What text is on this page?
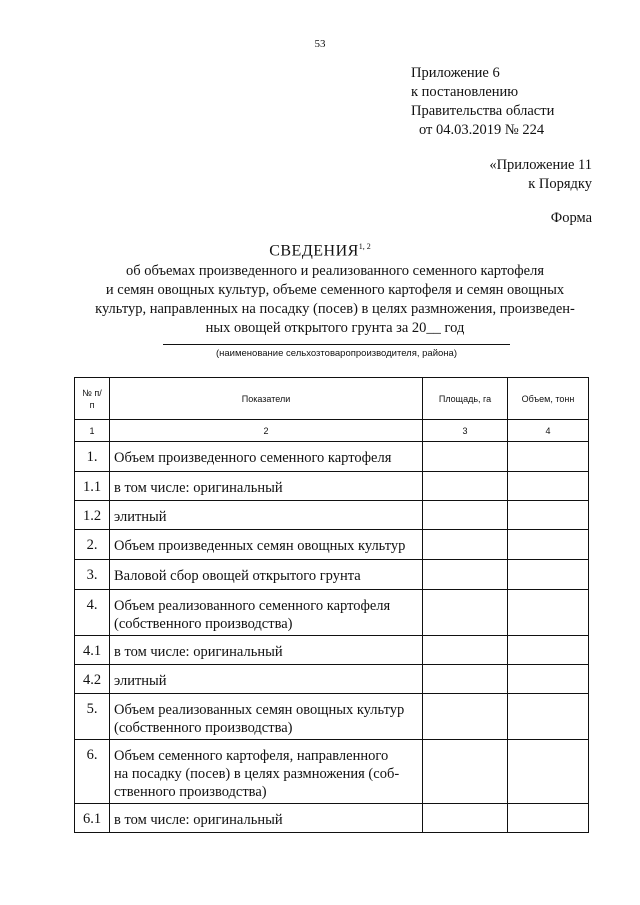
53
Приложение 6
к постановлению
Правительства области
от 04.03.2019 № 224
«Приложение 11
к Порядку
Форма
СВЕДЕНИЯ$^{1, 2}$
об объемах произведенного и реализованного семенного картофеля
и семян овощных культур, объеме семенного картофеля и семян овощных
культур, направленных на посадку (посев) в целях размножения, произведен-
ных овощей открытого грунта за 20__ год
(наименование сельхозтоваропроизводителя, района)
№ п/п	Показатели	Площадь, га	Объем, тонн
1	2	3	4
1.	Объем произведенного семенного картофеля		

1.1	в том числе: оригинальный		

1.2	элитный		

2.	Объем произведенных семян овощных культур		

3.	Валовой сбор овощей открытого грунта		

4.	Объем реализованного семенного картофеля
(собственного производства)		

4.1	в том числе: оригинальный		

4.2	элитный		

5.	Объем реализованных семян овощных культур
(собственного производства)		

6.	Объем семенного картофеля, направленного
на посадку (посев) в целях размножения (соб-
ственного производства)		

6.1	в том числе: оригинальный		
